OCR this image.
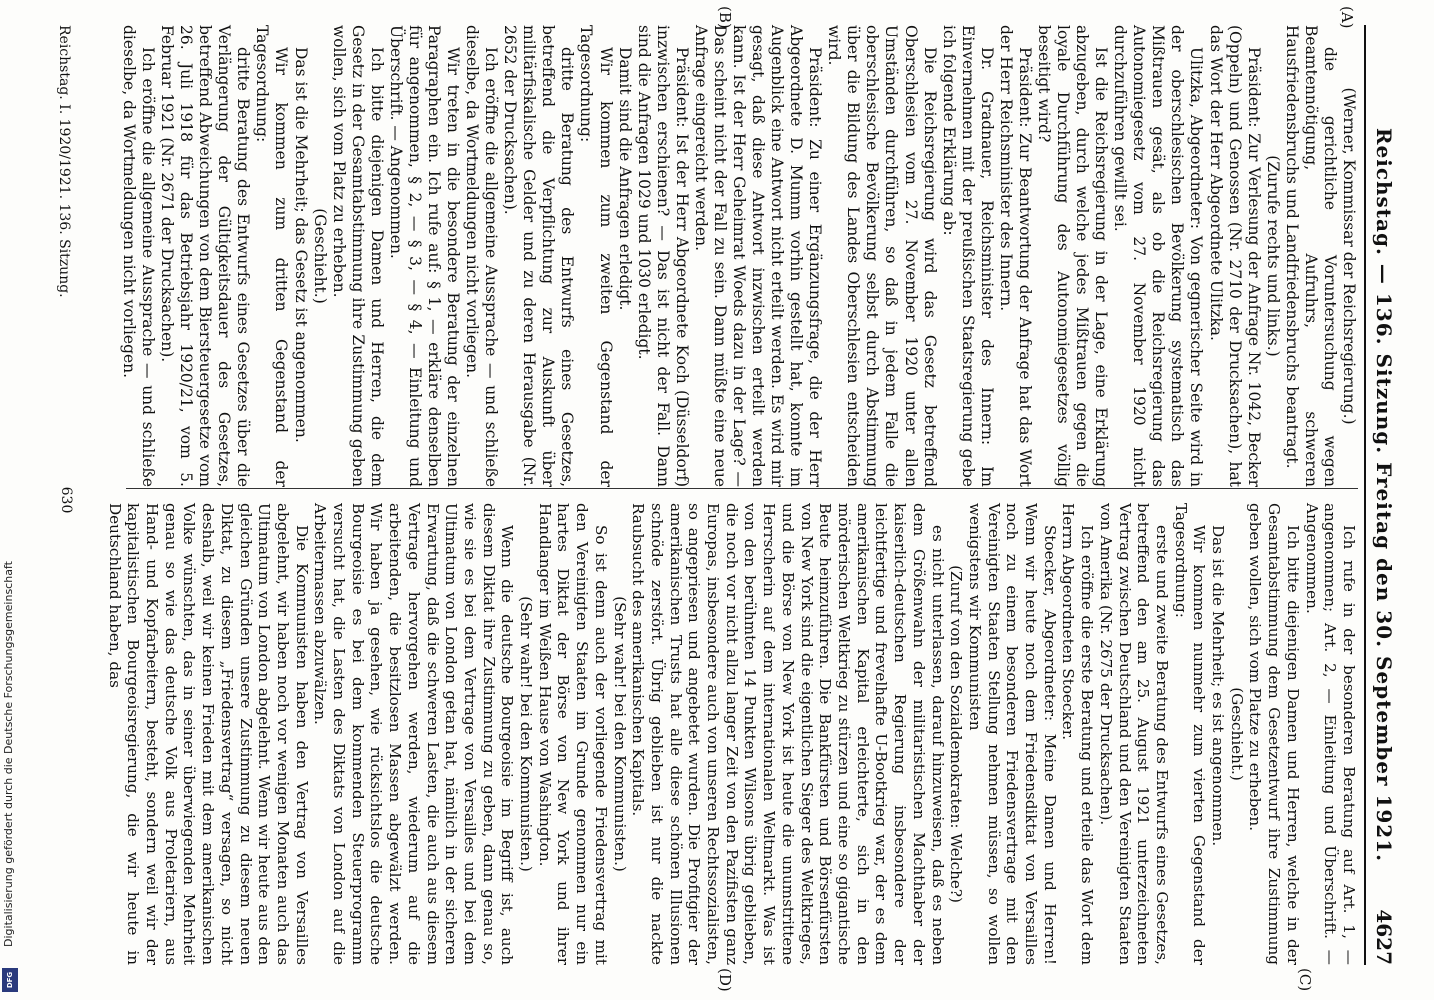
Reichstag. — 136. Sitzung. Freitag den 30. September 1921.
4627
(A)
(B)
(C)
(D)

(Werner, Kommissar der Reichsregierung.)

die gerichtliche Voruntersuchung wegen Beamtennötigung, Aufruhrs, schweren Hausfriedensbruchs und Landfriedensbruchs beantragt.

(Zurufe rechts und links.)

Präsident: Zur Verlesung der Anfrage Nr. 1042, Becker (Oppeln) und Genossen (Nr. 2710 der Drucksachen), hat das Wort der Herr Abgeordnete Ulitzka.

Ulitzka, Abgeordneter: Von gegnerischer Seite wird in der oberschlesischen Bevölkerung systematisch das Mißtrauen gesät, als ob die Reichsregierung das Autonomiegesetz vom 27. November 1920 nicht durchzuführen gewillt sei.

Ist die Reichsregierung in der Lage, eine Erklärung abzugeben, durch welche jedes Mißtrauen gegen die loyale Durchführung des Autonomiegesetzes völlig beseitigt wird?

Präsident: Zur Beantwortung der Anfrage hat das Wort der Herr Reichsminister des Innern.

Dr. Gradnauer, Reichsminister des Innern: Im Einvernehmen mit der preußischen Staatsregierung gebe ich folgende Erklärung ab:

Die Reichsregierung wird das Gesetz betreffend Oberschlesien vom 27. November 1920 unter allen Umständen durchführen, so daß in jedem Falle die oberschlesische Bevölkerung selbst durch Abstimmung über die Bildung des Landes Oberschlesien entscheiden wird.

Präsident: Zu einer Ergänzungsfrage, die der Herr Abgeordnete D. Mumm vorhin gestellt hat, konnte im Augenblick eine Antwort nicht erteilt werden. Es wird mir gesagt, daß diese Antwort inzwischen erteilt werden kann. Ist der Herr Geheimrat Woeds dazu in der Lage? — Das scheint nicht der Fall zu sein. Dann müßte eine neue Anfrage eingereicht werden.

Präsident: Ist der Herr Abgeordnete Koch (Düsseldorf) inzwischen erschienen? — Das ist nicht der Fall. Dann sind die Anfragen 1029 und 1030 erledigt.

Damit sind die Anfragen erledigt.

Wir kommen zum zweiten Gegenstand der Tagesordnung:

dritte Beratung des Entwurfs eines Gesetzes, betreffend die Verpflichtung zur Auskunft über militärfiskalische Gelder und zu deren Herausgabe (Nr. 2652 der Drucksachen).

Ich eröffne die allgemeine Aussprache — und schließe dieselbe, da Wortmeldungen nicht vorliegen.

Wir treten in die besondere Beratung der einzelnen Paragraphen ein. Ich rufe auf: § 1, — erkläre denselben für angenommen, § 2, — § 3, — § 4, — Einleitung und Überschrift. — Angenommen.

Ich bitte diejenigen Damen und Herren, die dem Gesetz in der Gesamtabstimmung ihre Zustimmung geben wollen, sich vom Platz zu erheben.

(Geschieht.)

Das ist die Mehrheit; das Gesetz ist angenommen.

Wir kommen zum dritten Gegenstand der Tagesordnung:

dritte Beratung des Entwurfs eines Gesetzes über die Verlängerung der Gültigkeitsdauer des Gesetzes, betreffend Abweichungen von dem Biersteuergesetze vom 26. Juli 1918 für das Betriebsjahr 1920/21, vom 5. Februar 1921 (Nr. 2671 der Drucksachen).

Ich eröffne die allgemeine Aussprache — und schließe dieselbe, da Wortmeldungen nicht vorliegen.

Ich rufe in der besonderen Beratung auf Art. 1, — angenommen; Art. 2, — Einleitung und Überschrift. — Angenommen.

Ich bitte diejenigen Damen und Herren, welche in der Gesamtabstimmung dem Gesetzentwurf ihre Zustimmung geben wollen, sich vom Platze zu erheben.

(Geschieht.)

Das ist die Mehrheit; es ist angenommen.

Wir kommen nunmehr zum vierten Gegenstand der Tagesordnung:

erste und zweite Beratung des Entwurfs eines Gesetzes, betreffend den am 25. August 1921 unterzeichneten Vertrag zwischen Deutschland und den Vereinigten Staaten von Amerika (Nr. 2675 der Drucksachen).

Ich eröffne die erste Beratung und erteile das Wort dem Herrn Abgeordneten Stoecker.

Stoecker, Abgeordneter: Meine Damen und Herren! Wenn wir heute noch dem Friedensdiktat von Versailles noch zu einem besonderen Friedensvertrage mit den Vereinigten Staaten Stellung nehmen müssen, so wollen wenigstens wir Kommunisten

(Zuruf von den Sozialdemokraten: Welche?)

es nicht unterlassen, darauf hinzuweisen, daß es neben dem Größenwahn der militaristischen Machthaber der kaiserlich-deutschen Regierung insbesondere der leichtfertige und frevelhafte U-Bootkrieg war, der es dem amerikanischen Kapital erleichterte, sich in den mörderischen Weltkrieg zu stürzen und eine so gigantische Beute heimzuführen. Die Bankfürsten und Börsenfürsten von New York sind die eigentlichen Sieger des Weltkrieges, und die Börse von New York ist heute die unumstrittene Herrscherin auf dem internationalen Weltmarkt. Was ist von den berühmten 14 Punkten Wilsons übrig geblieben, die noch vor nicht allzu langer Zeit von den Pazifisten ganz Europas, insbesondere auch von unseren Rechtssozialisten, so angepriesen und angebetet wurden. Die Profitgier der amerikanischen Trusts hat alle diese schönen Illusionen schnöde zerstört. Übrig geblieben ist nur die nackte Raubsucht des amerikanischen Kapitals.

(Sehr wahr! bei den Kommunisten.)

So ist denn auch der vorliegende Friedensvertrag mit den Vereinigten Staaten im Grunde genommen nur ein hartes Diktat der Börse von New York und ihrer Handlanger im Weißen Hause von Washington.

(Sehr wahr! bei den Kommunisten.)

Wenn die deutsche Bourgeoisie im Begriff ist, auch diesem Diktat ihre Zustimmung zu geben, dann genau so, wie sie es bei dem Vertrage von Versailles und bei dem Ultimatum von London getan hat, nämlich in der sicheren Erwartung, daß die schweren Lasten, die auch aus diesem Vertrage hervorgehen werden, wiederum auf die arbeitenden, die besitzlosen Massen abgewälzt werden. Wir haben ja gesehen, wie rücksichtslos die deutsche Bourgeoisie es bei dem kommenden Steuerprogramm versucht hat, die Lasten des Diktats von London auf die Arbeitermassen abzuwälzen.

Die Kommunisten haben den Vertrag von Versailles abgelehnt, wir haben noch vor wenigen Monaten auch das Ultimatum von London abgelehnt. Wenn wir heute aus den gleichen Gründen unsere Zustimmung zu diesem neuen Diktat, zu diesem „Friedensvertrag“ versagen, so nicht deshalb, weil wir keinen Frieden mit dem amerikanischen Volke wünschten, das in seiner überwiegenden Mehrheit genau so wie das deutsche Volk aus Proletariern, aus Hand- und Kopfarbeitern, besteht, sondern weil wir der kapitalistischen Bourgeoisregierung, die wir heute in Deutschland haben, das

Reichstag. I. 1920/1921. 136. Sitzung.
630
Digitalisierung gefördert durch die Deutsche Forschungsgemeinschaft
DFG
